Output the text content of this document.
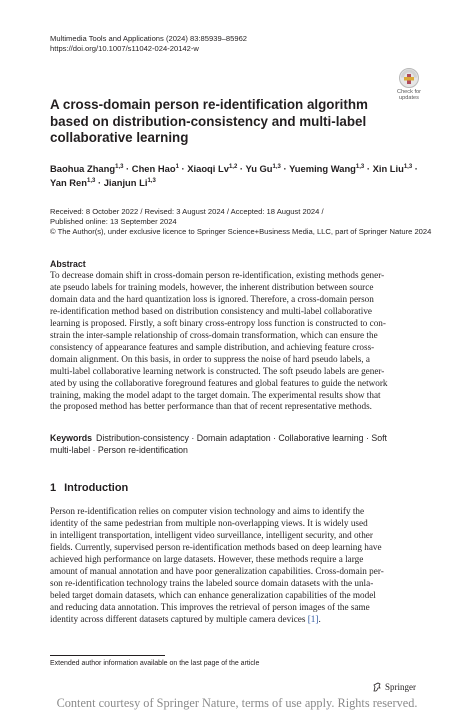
Multimedia Tools and Applications (2024) 83:85939–85962
https://doi.org/10.1007/s11042-024-20142-w
Check for
updates
A cross-domain person re-identification algorithm based on distribution-consistency and multi-label collaborative learning
Baohua Zhang$^{1,3}$ · Chen Hao$^1$ · Xiaoqi Lv$^{1,2}$ · Yu Gu$^{1,3}$ · Yueming Wang$^{1,3}$ · Xin Liu$^{1,3}$ ·
Yan Ren$^{1,3}$ · Jianjun Li$^{1,3}$
Received: 8 October 2022 / Revised: 3 August 2024 / Accepted: 18 August 2024 /
Published online: 13 September 2024
© The Author(s), under exclusive licence to Springer Science+Business Media, LLC, part of Springer Nature 2024
Abstract
To decrease domain shift in cross-domain person re-identification, existing methods gener-
ate pseudo labels for training models, however, the inherent distribution between source
domain data and the hard quantization loss is ignored. Therefore, a cross-domain person
re-identification method based on distribution consistency and multi-label collaborative
learning is proposed. Firstly, a soft binary cross-entropy loss function is constructed to con-
strain the inter-sample relationship of cross-domain transformation, which can ensure the
consistency of appearance features and sample distribution, and achieving feature cross-
domain alignment. On this basis, in order to suppress the noise of hard pseudo labels, a
multi-label collaborative learning network is constructed. The soft pseudo labels are gener-
ated by using the collaborative foreground features and global features to guide the network
training, making the model adapt to the target domain. The experimental results show that
the proposed method has better performance than that of recent representative methods.
Keywords Distribution-consistency · Domain adaptation · Collaborative learning · Soft
multi-label · Person re-identification
1 Introduction
Person re-identification relies on computer vision technology and aims to identify the
identity of the same pedestrian from multiple non-overlapping views. It is widely used
in intelligent transportation, intelligent video surveillance, intelligent security, and other
fields. Currently, supervised person re-identification methods based on deep learning have
achieved high performance on large datasets. However, these methods require a large
amount of manual annotation and have poor generalization capabilities. Cross-domain per-
son re-identification technology trains the labeled source domain datasets with the unla-
beled target domain datasets, which can enhance generalization capabilities of the model
and reducing data annotation. This improves the retrieval of person images of the same
identity across different datasets captured by multiple camera devices [1].
Extended author information available on the last page of the article
Springer
Content courtesy of Springer Nature, terms of use apply. Rights reserved.
